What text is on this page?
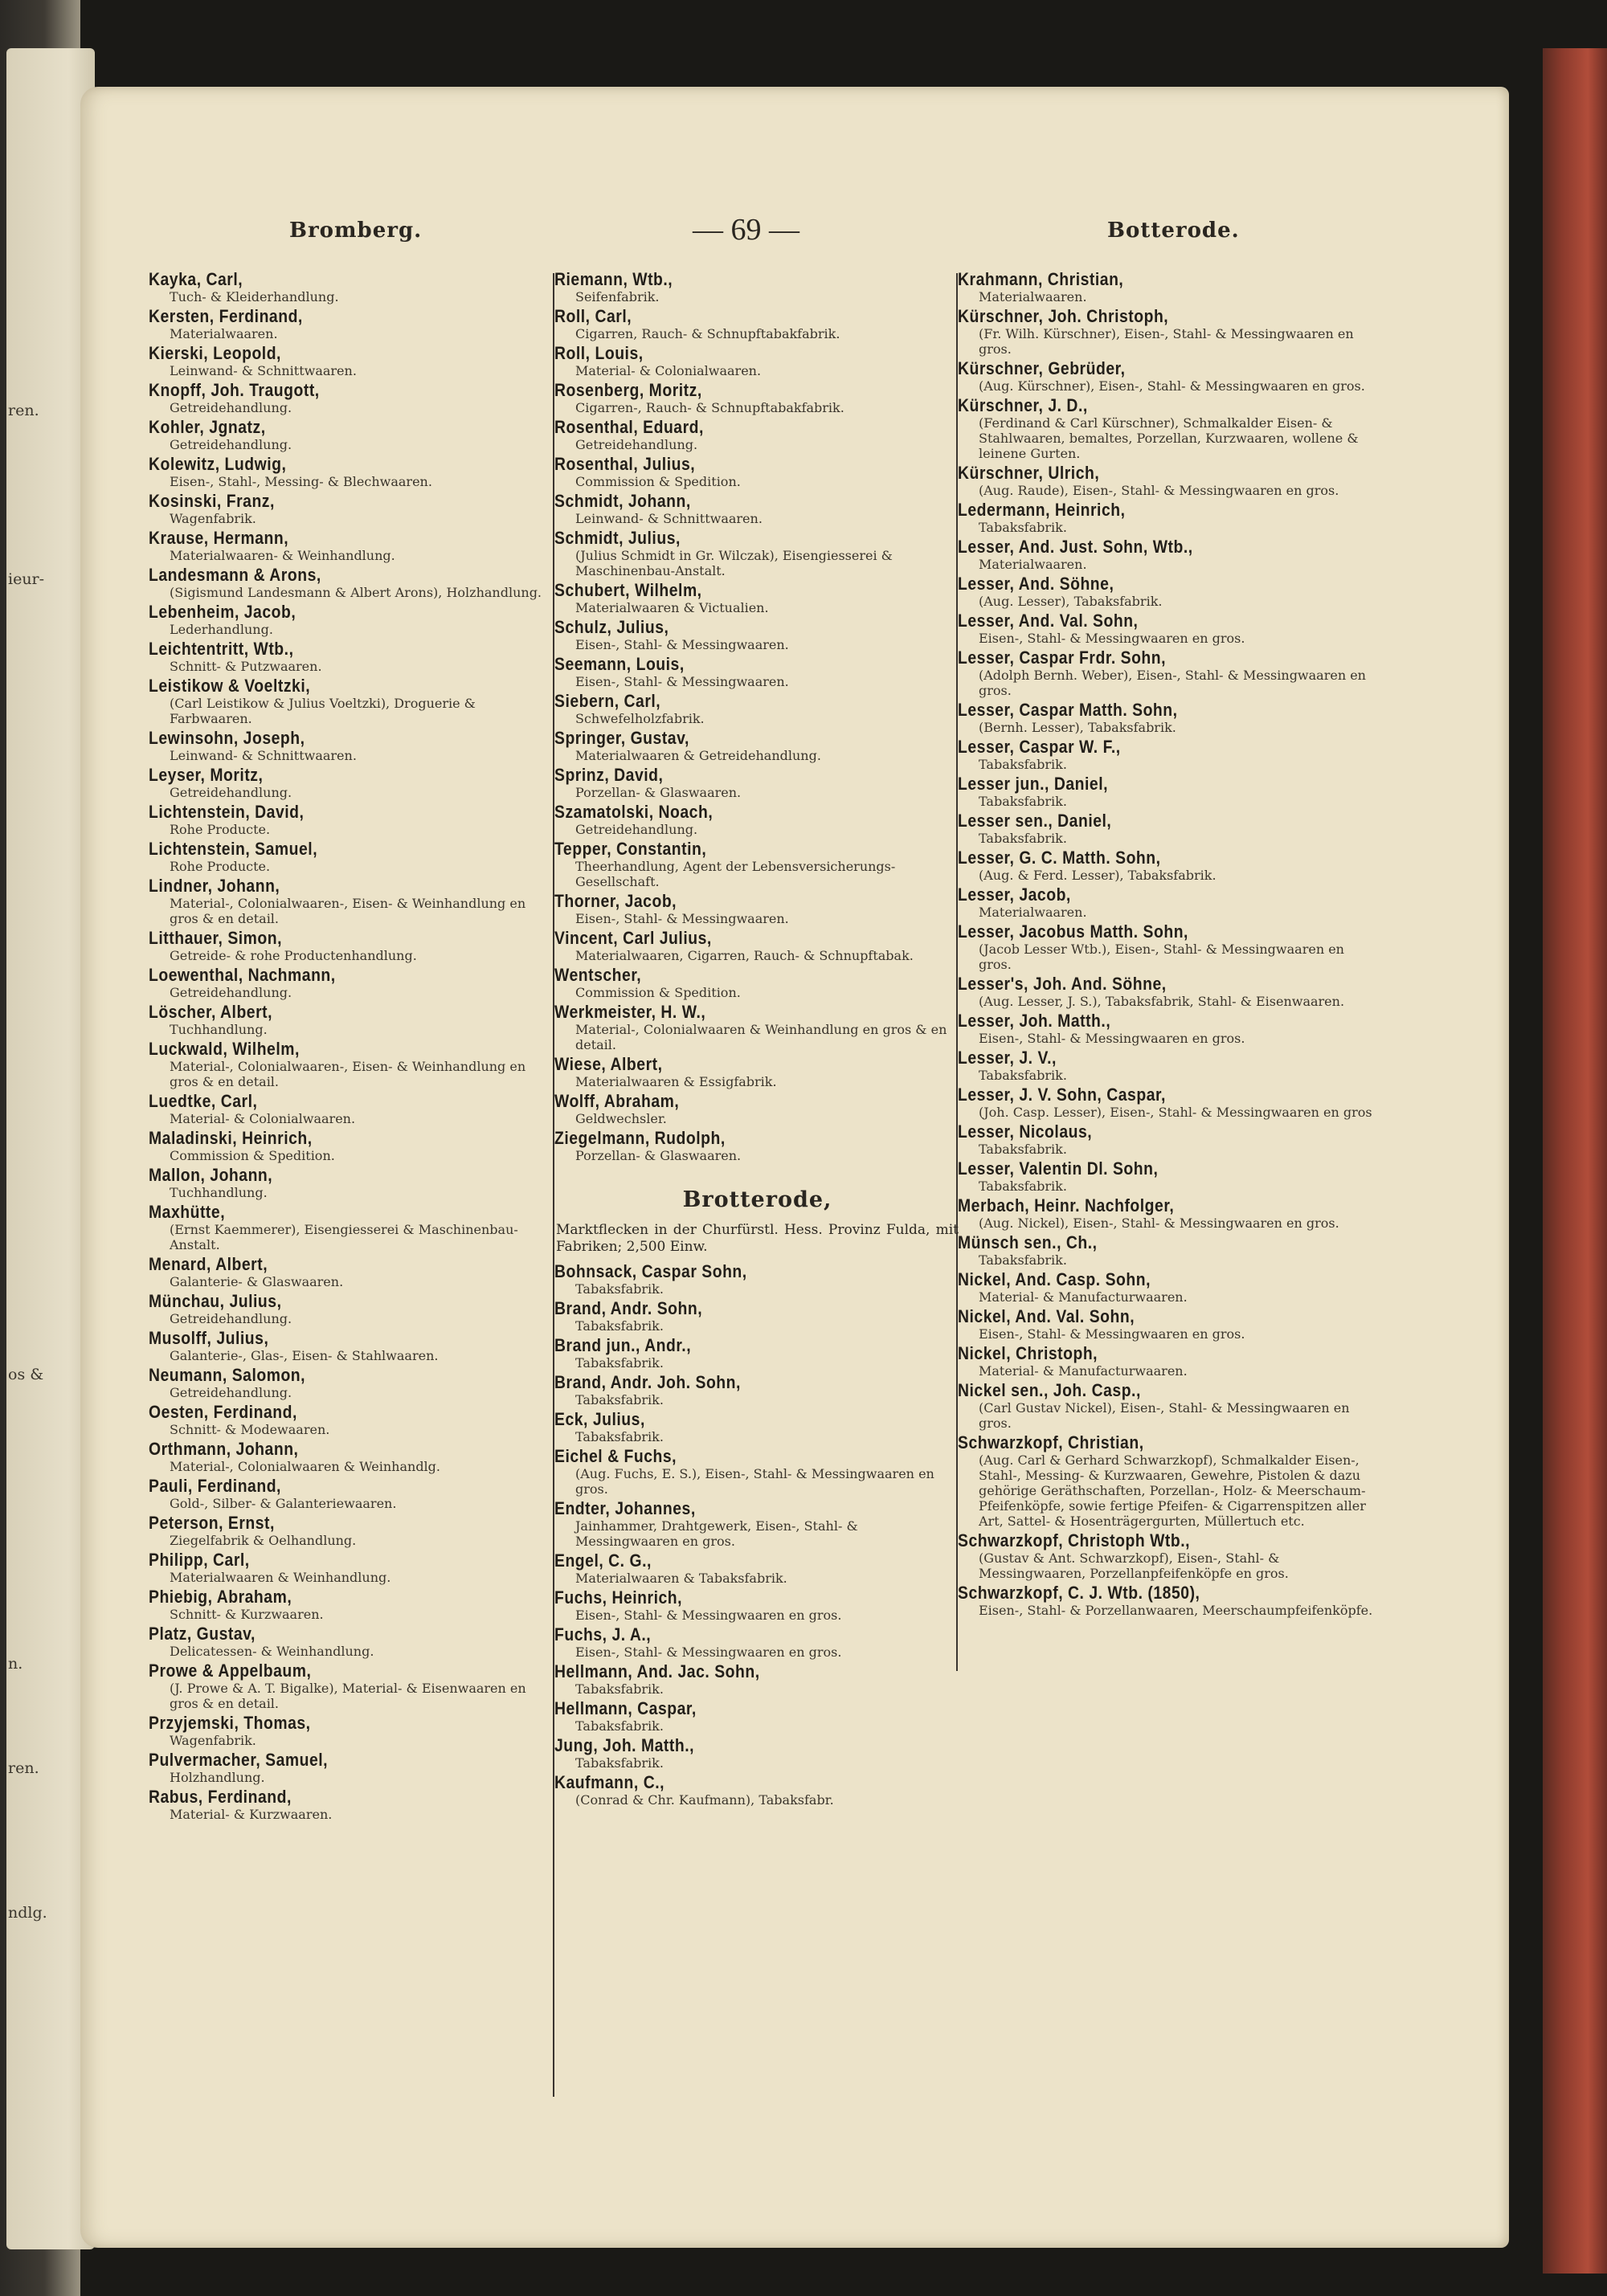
ren.
ieur-
os &
n.
ren.
ndlg.
Bromberg.	— 69 —	Botterode.
Kayka, Carl,
Tuch- & Kleiderhandlung.
Kersten, Ferdinand,
Materialwaaren.
Kierski, Leopold,
Leinwand- & Schnittwaaren.
Knopff, Joh. Traugott,
Getreidehandlung.
Kohler, Jgnatz,
Getreidehandlung.
Kolewitz, Ludwig,
Eisen-, Stahl-, Messing- & Blechwaaren.
Kosinski, Franz,
Wagenfabrik.
Krause, Hermann,
Materialwaaren- & Weinhandlung.
Landesmann & Arons,
(Sigismund Landesmann & Albert Arons), Holzhandlung.
Lebenheim, Jacob,
Lederhandlung.
Leichtentritt, Wtb.,
Schnitt- & Putzwaaren.
Leistikow & Voeltzki,
(Carl Leistikow & Julius Voeltzki), Droguerie & Farbwaaren.
Lewinsohn, Joseph,
Leinwand- & Schnittwaaren.
Leyser, Moritz,
Getreidehandlung.
Lichtenstein, David,
Rohe Producte.
Lichtenstein, Samuel,
Rohe Producte.
Lindner, Johann,
Material-, Colonialwaaren-, Eisen- & Weinhandlung en gros & en detail.
Litthauer, Simon,
Getreide- & rohe Productenhandlung.
Loewenthal, Nachmann,
Getreidehandlung.
Löscher, Albert,
Tuchhandlung.
Luckwald, Wilhelm,
Material-, Colonialwaaren-, Eisen- & Weinhandlung en gros & en detail.
Luedtke, Carl,
Material- & Colonialwaaren.
Maladinski, Heinrich,
Commission & Spedition.
Mallon, Johann,
Tuchhandlung.
Maxhütte,
(Ernst Kaemmerer), Eisengiesserei & Maschinenbau-Anstalt.
Menard, Albert,
Galanterie- & Glaswaaren.
Münchau, Julius,
Getreidehandlung.
Musolff, Julius,
Galanterie-, Glas-, Eisen- & Stahlwaaren.
Neumann, Salomon,
Getreidehandlung.
Oesten, Ferdinand,
Schnitt- & Modewaaren.
Orthmann, Johann,
Material-, Colonialwaaren & Weinhandlg.
Pauli, Ferdinand,
Gold-, Silber- & Galanteriewaaren.
Peterson, Ernst,
Ziegelfabrik & Oelhandlung.
Philipp, Carl,
Materialwaaren & Weinhandlung.
Phiebig, Abraham,
Schnitt- & Kurzwaaren.
Platz, Gustav,
Delicatessen- & Weinhandlung.
Prowe & Appelbaum,
(J. Prowe & A. T. Bigalke), Material- & Eisenwaaren en gros & en detail.
Przyjemski, Thomas,
Wagenfabrik.
Pulvermacher, Samuel,
Holzhandlung.
Rabus, Ferdinand,
Material- & Kurzwaaren.
Riemann, Wtb.,
Seifenfabrik.
Roll, Carl,
Cigarren, Rauch- & Schnupftabakfabrik.
Roll, Louis,
Material- & Colonialwaaren.
Rosenberg, Moritz,
Cigarren-, Rauch- & Schnupftabakfabrik.
Rosenthal, Eduard,
Getreidehandlung.
Rosenthal, Julius,
Commission & Spedition.
Schmidt, Johann,
Leinwand- & Schnittwaaren.
Schmidt, Julius,
(Julius Schmidt in Gr. Wilczak), Eisengiesserei & Maschinenbau-Anstalt.
Schubert, Wilhelm,
Materialwaaren & Victualien.
Schulz, Julius,
Eisen-, Stahl- & Messingwaaren.
Seemann, Louis,
Eisen-, Stahl- & Messingwaaren.
Siebern, Carl,
Schwefelholzfabrik.
Springer, Gustav,
Materialwaaren & Getreidehandlung.
Sprinz, David,
Porzellan- & Glaswaaren.
Szamatolski, Noach,
Getreidehandlung.
Tepper, Constantin,
Theerhandlung, Agent der Lebensversicherungs-Gesellschaft.
Thorner, Jacob,
Eisen-, Stahl- & Messingwaaren.
Vincent, Carl Julius,
Materialwaaren, Cigarren, Rauch- & Schnupftabak.
Wentscher,
Commission & Spedition.
Werkmeister, H. W.,
Material-, Colonialwaaren & Weinhandlung en gros & en detail.
Wiese, Albert,
Materialwaaren & Essigfabrik.
Wolff, Abraham,
Geldwechsler.
Ziegelmann, Rudolph,
Porzellan- & Glaswaaren.
Brotterode,
Marktflecken in der Churfürstl. Hess. Provinz Fulda, mit Fabriken; 2,500 Einw.
Bohnsack, Caspar Sohn,
Tabaksfabrik.
Brand, Andr. Sohn,
Tabaksfabrik.
Brand jun., Andr.,
Tabaksfabrik.
Brand, Andr. Joh. Sohn,
Tabaksfabrik.
Eck, Julius,
Tabaksfabrik.
Eichel & Fuchs,
(Aug. Fuchs, E. S.), Eisen-, Stahl- & Messingwaaren en gros.
Endter, Johannes,
Jainhammer, Drahtgewerk, Eisen-, Stahl- & Messingwaaren en gros.
Engel, C. G.,
Materialwaaren & Tabaksfabrik.
Fuchs, Heinrich,
Eisen-, Stahl- & Messingwaaren en gros.
Fuchs, J. A.,
Eisen-, Stahl- & Messingwaaren en gros.
Hellmann, And. Jac. Sohn,
Tabaksfabrik.
Hellmann, Caspar,
Tabaksfabrik.
Jung, Joh. Matth.,
Tabaksfabrik.
Kaufmann, C.,
(Conrad & Chr. Kaufmann), Tabaksfabr.
Krahmann, Christian,
Materialwaaren.
Kürschner, Joh. Christoph,
(Fr. Wilh. Kürschner), Eisen-, Stahl- & Messingwaaren en gros.
Kürschner, Gebrüder,
(Aug. Kürschner), Eisen-, Stahl- & Messingwaaren en gros.
Kürschner, J. D.,
(Ferdinand & Carl Kürschner), Schmalkalder Eisen- & Stahlwaaren, bemaltes, Porzellan, Kurzwaaren, wollene & leinene Gurten.
Kürschner, Ulrich,
(Aug. Raude), Eisen-, Stahl- & Messingwaaren en gros.
Ledermann, Heinrich,
Tabaksfabrik.
Lesser, And. Just. Sohn, Wtb.,
Materialwaaren.
Lesser, And. Söhne,
(Aug. Lesser), Tabaksfabrik.
Lesser, And. Val. Sohn,
Eisen-, Stahl- & Messingwaaren en gros.
Lesser, Caspar Frdr. Sohn,
(Adolph Bernh. Weber), Eisen-, Stahl- & Messingwaaren en gros.
Lesser, Caspar Matth. Sohn,
(Bernh. Lesser), Tabaksfabrik.
Lesser, Caspar W. F.,
Tabaksfabrik.
Lesser jun., Daniel,
Tabaksfabrik.
Lesser sen., Daniel,
Tabaksfabrik.
Lesser, G. C. Matth. Sohn,
(Aug. & Ferd. Lesser), Tabaksfabrik.
Lesser, Jacob,
Materialwaaren.
Lesser, Jacobus Matth. Sohn,
(Jacob Lesser Wtb.), Eisen-, Stahl- & Messingwaaren en gros.
Lesser's, Joh. And. Söhne,
(Aug. Lesser, J. S.), Tabaksfabrik, Stahl- & Eisenwaaren.
Lesser, Joh. Matth.,
Eisen-, Stahl- & Messingwaaren en gros.
Lesser, J. V.,
Tabaksfabrik.
Lesser, J. V. Sohn, Caspar,
(Joh. Casp. Lesser), Eisen-, Stahl- & Messingwaaren en gros
Lesser, Nicolaus,
Tabaksfabrik.
Lesser, Valentin Dl. Sohn,
Tabaksfabrik.
Merbach, Heinr. Nachfolger,
(Aug. Nickel), Eisen-, Stahl- & Messingwaaren en gros.
Münsch sen., Ch.,
Tabaksfabrik.
Nickel, And. Casp. Sohn,
Material- & Manufacturwaaren.
Nickel, And. Val. Sohn,
Eisen-, Stahl- & Messingwaaren en gros.
Nickel, Christoph,
Material- & Manufacturwaaren.
Nickel sen., Joh. Casp.,
(Carl Gustav Nickel), Eisen-, Stahl- & Messingwaaren en gros.
Schwarzkopf, Christian,
(Aug. Carl & Gerhard Schwarzkopf), Schmalkalder Eisen-, Stahl-, Messing- & Kurzwaaren, Gewehre, Pistolen & dazu gehörige Geräthschaften, Porzellan-, Holz- & Meerschaum-Pfeifenköpfe, sowie fertige Pfeifen- & Cigarrenspitzen aller Art, Sattel- & Hosenträgergurten, Müllertuch etc.
Schwarzkopf, Christoph Wtb.,
(Gustav & Ant. Schwarzkopf), Eisen-, Stahl- & Messingwaaren, Porzellanpfeifenköpfe en gros.
Schwarzkopf, C. J. Wtb. (1850),
Eisen-, Stahl- & Porzellanwaaren, Meerschaumpfeifenköpfe.
